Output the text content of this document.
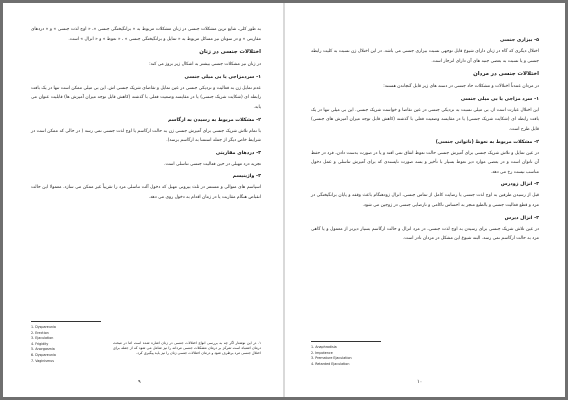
به طور کلی، شایع ترین مشکلات جنسی در زنان مشکلات مربوط به « برانگیختگی جنسی »، « اوج لذت جنسی » و « دردهای مقاربتی » و در سوتان نیز مسائل مربوط به « تمایل و برانگیختگی جنسی » ، « نعوظ » و « انزال » است.

اختلالات جنسی در زنان

در زنان نیز مشکلات جنسی بیشتر به اشکال زیر بروز می کند:

۱- سردمزاجی یا بی میلی جنسی

عدم تمایل زن به فعالیت و نزدیکی جنسی در عین تمایل و تقاضای شریک جنسی اش. این بی میلی ممکن است تنها در یک بافت رابطه ای (شکایت شریک جنسی) یا در مقایسه وضعیت فعلی با گذشته (کاهش قابل توجه میزان آمیزش ها) قابلیت عنوان می یابد.

۲- مشکلات مربوط به رسیدن به ارگاسم

با تمام تلاش شریک جنسی برای آمیزش جنسی زن به حالت ارگاسم یا اوج لذت جنسی نمی رسد ( در حالی که ممکن است در شرایط خاص دیگر از جمله استمنا به ارگاسم برسد).

۳- دردهای مقاربتی

تجربه درد مهبلی در حین فعالیت جنسی تناسلی است.

۴- واژینیسم

اسپاسم های متوالی و مستمر در ثلث بیرونی مهبل که دخول آلت تناسلی مرد را تقریباً غیر ممکن می سازد. معمولا این حالت انقباض هنگام مقاربت یا در زمان اقدام به دخول روی می دهد.

1. Dyspareunia
2. Erection
3. Ejaculation
4. Frigidity
5. Anorgasmia
6. Dyspareunia
7. Vaginismus
۱. در این نوشتار اگر چه به بررسی انواع اختلالات جنسی در زنان اشاره شده است اما در مبحث درمان اشتباه است تمرکز بر درمان مشکلات جنسی مردانه را نیز شامل می شود که از جمله برای اختلال جنسی مرد برطرف شود و درمان اختلالات جنسی زنان را نیز باید پیگیری کرد.
۹
۵- بیزاری جنسی

اختلال دیگری که گاه در زنان دارای شیوع قابل توجهی نسبت بیزاری جنسی می باشد. در این اختلال زن نسبت به کلیت رابطه جنسی و یا نسبت به بعضی جنبه های آن دارای انزجار است.

اختلالات جنسی در مردان

در مردان عمدتاً اختلالات و مشکلات حاد جنسی در دسته های زیر قابل گنجاندن هستند:

۱- سرد مزاجی یا بی میلی جنسی

این اختلال عبارت است از، بی میلی نسبت به نزدیکی جنسی در عین تقاضا و خواست شریک جنسی. این بی میلی تنها در یک بافت رابطه ای (شکایت شریک جنسی) یا در مقایسه وضعیت فعلی با گذشته (کاهش قابل توجه میزان آمیزش های جنسی) قابل طرح است.

۲- مشکلات مربوط به نعوظ (ناتوانی جنسی)

در عین تمایل و تلاش شریک جنسی برای آمیزش جنسی حالت نعوظ اتفاق نمی افتد و یا در صورت بدست دادن، فرد در حفظ آن ناتوان است و در بعضی موارد دیر نعوظ بسیار با تأخیر و بسه صورت ناپسندی که برای آمیزش تناسلی و عمل دخول مناسب نیست رخ می دهد.

۳- انزال زودرس

قبل از رسیدن طرفین به اوج لذت جنسی یا رضایت کامل از تماس جنسی، انزال زودهنگام باعث وقفه و پایان برانگیختگی در مرد و قطع فعالیت جنسی و بالطبع منجر به احساس ناکامی و نارضایی جنسی در زوجین می شود.

۴- انزال دیرس

در عین تلاش شریک جنسی برای رسیدن به اوج لذت جنسی، در مرد انزال و حالت ارگاسم بسیار دیرتر از معمول و یا گاهی مرد به حالت ارگاسم نمی رسد. البته شیوع این مشکل در مردان نادر است.

1. Anaphrodisia
2. Impotence
3. Premature Ejaculation
4. Retarded Ejaculation
۱۰
